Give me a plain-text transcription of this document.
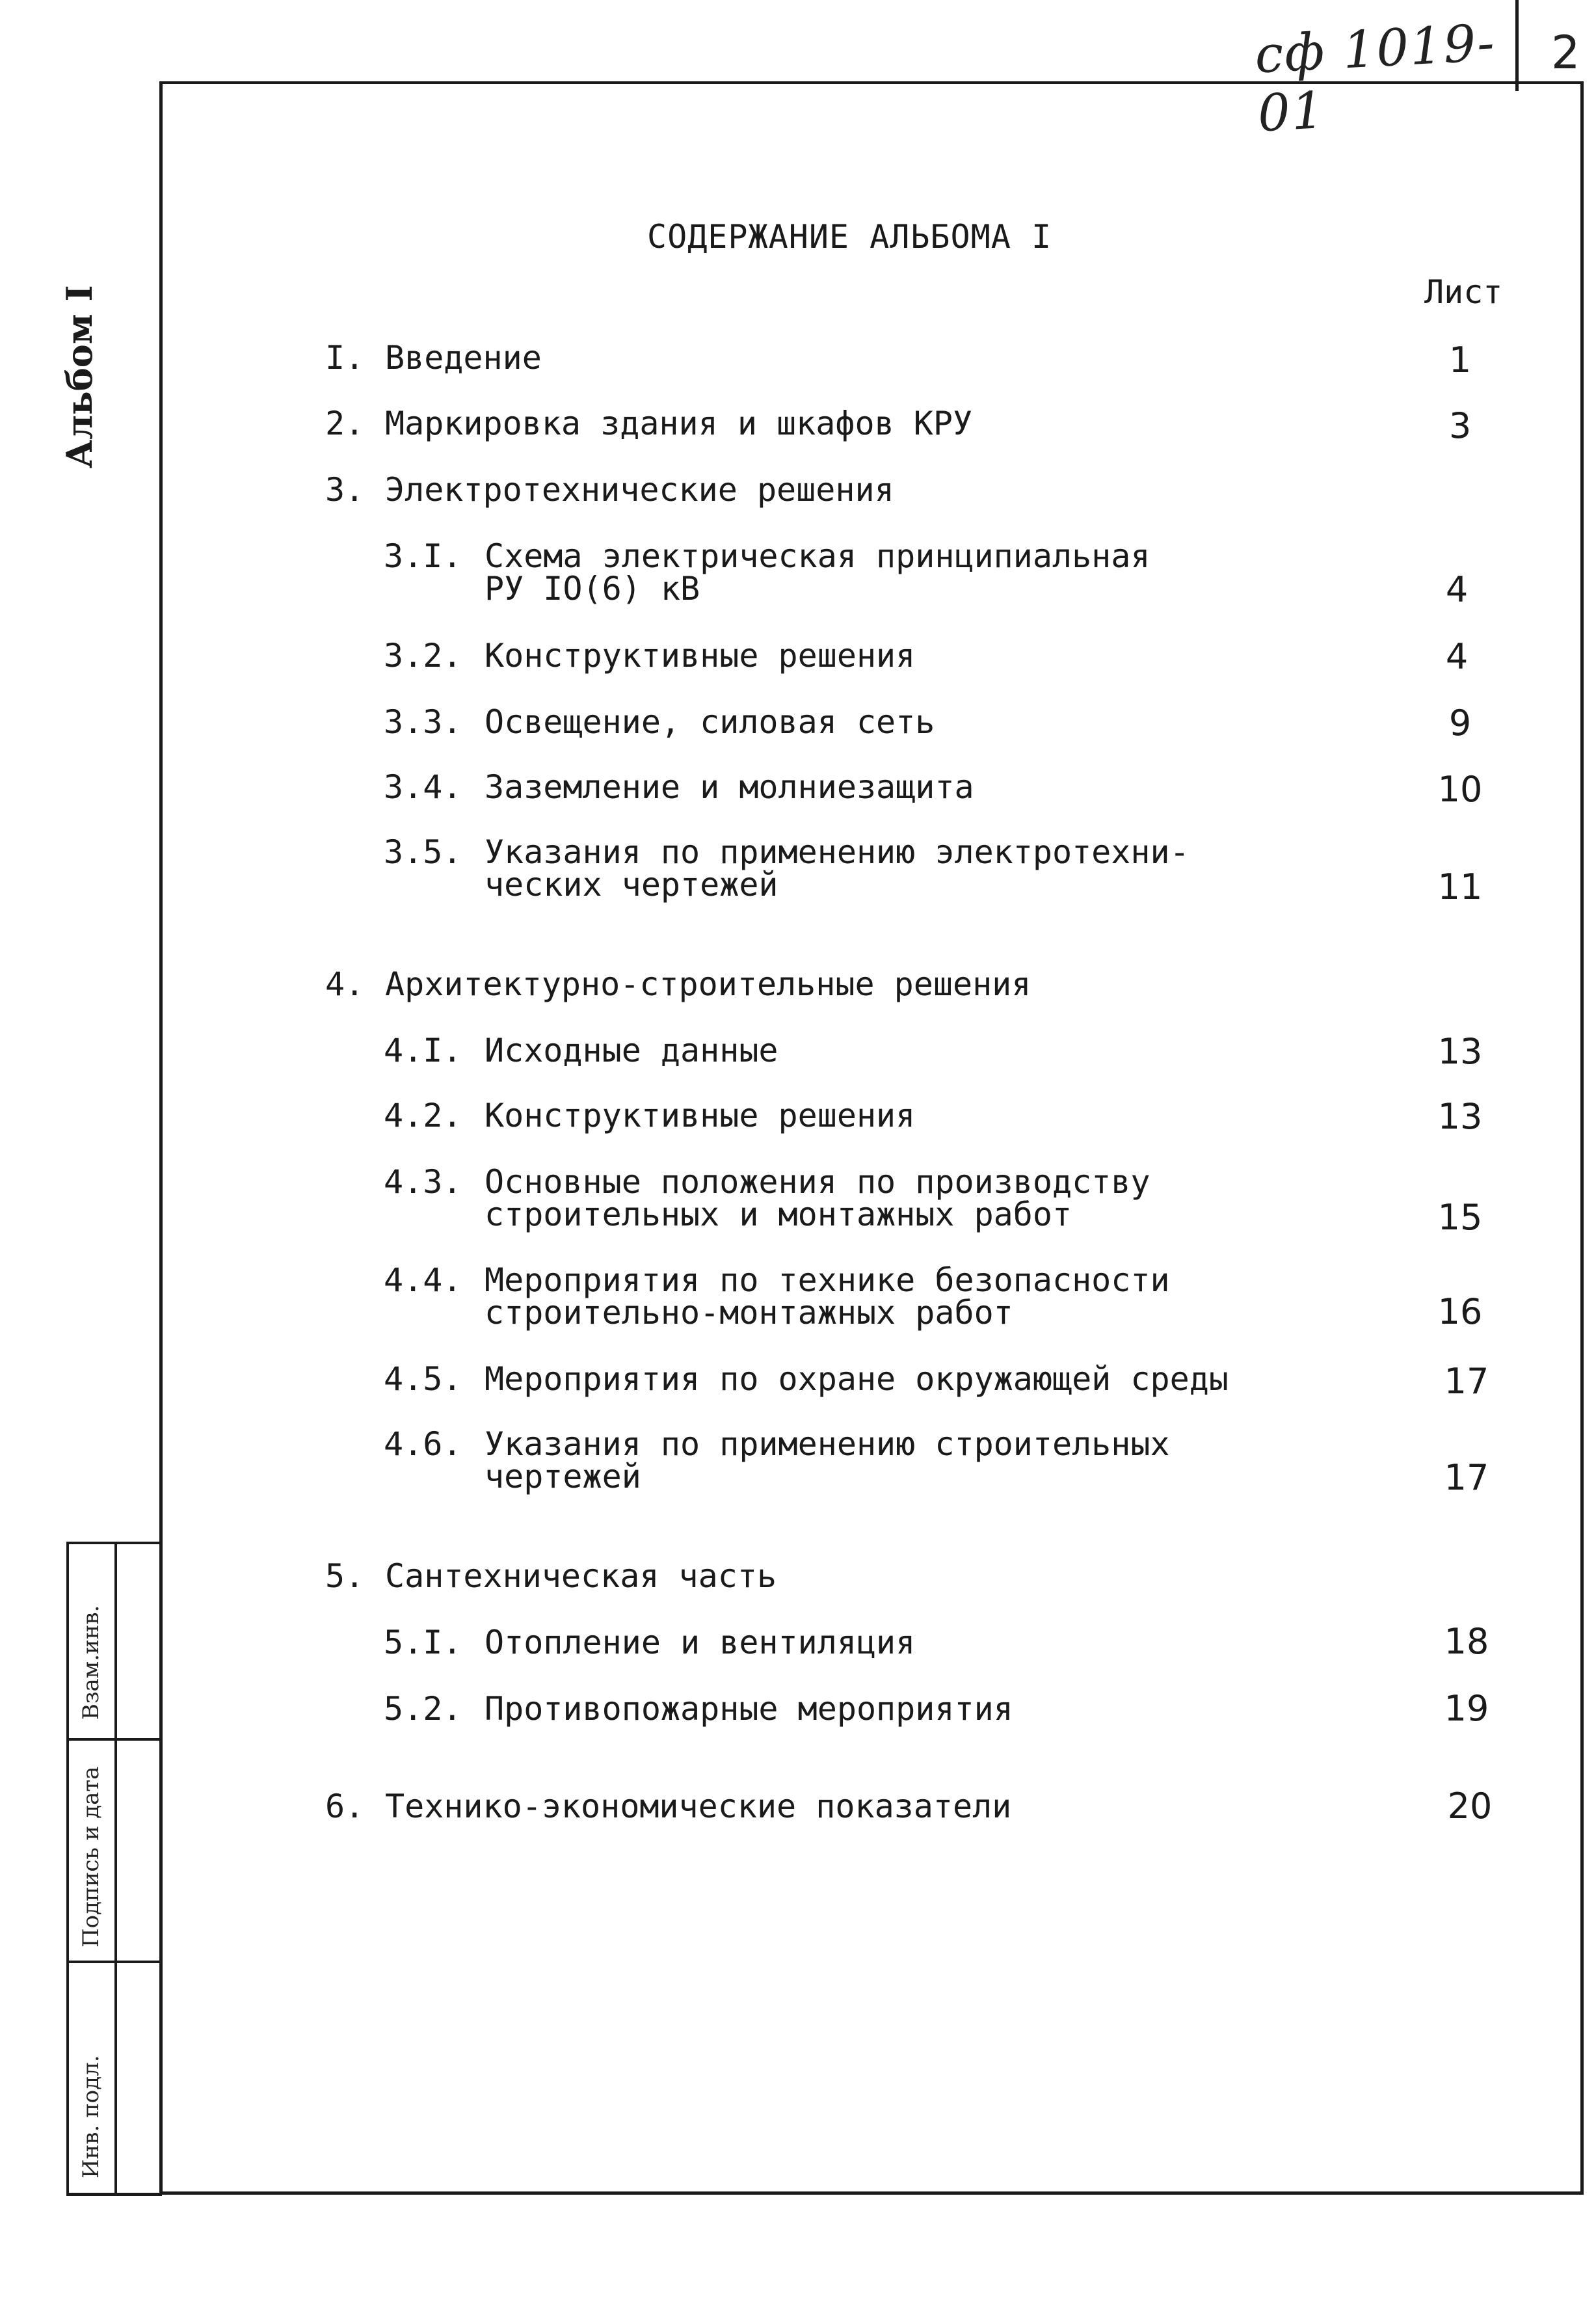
сф 1019-01
2
Альбом I
Взам.инв.
Подпись и дата
Инв. подл.
СОДЕРЖАНИЕ АЛЬБОМА I
Лист
I. Введение	1
2. Маркировка здания и шкафов КРУ	3
3. Электротехнические решения
3.I. Схема электрическая принципиальная
РУ IO(6) кВ	4
3.2. Конструктивные решения	4
3.3. Освещение, силовая сеть	9
3.4. Заземление и молниезащита	10
3.5. Указания по применению электротехни-
ческих чертежей	11
4. Архитектурно-строительные решения
4.I. Исходные данные	13
4.2. Конструктивные решения	13
4.3. Основные положения по производству
строительных и монтажных работ	15
4.4. Мероприятия по технике безопасности
строительно-монтажных работ	16
4.5. Мероприятия по охране окружающей среды	17
4.6. Указания по применению строительных
чертежей	17
5. Сантехническая часть
5.I. Отопление и вентиляция	18
5.2. Противопожарные мероприятия	19
6. Технико-экономические показатели	20
